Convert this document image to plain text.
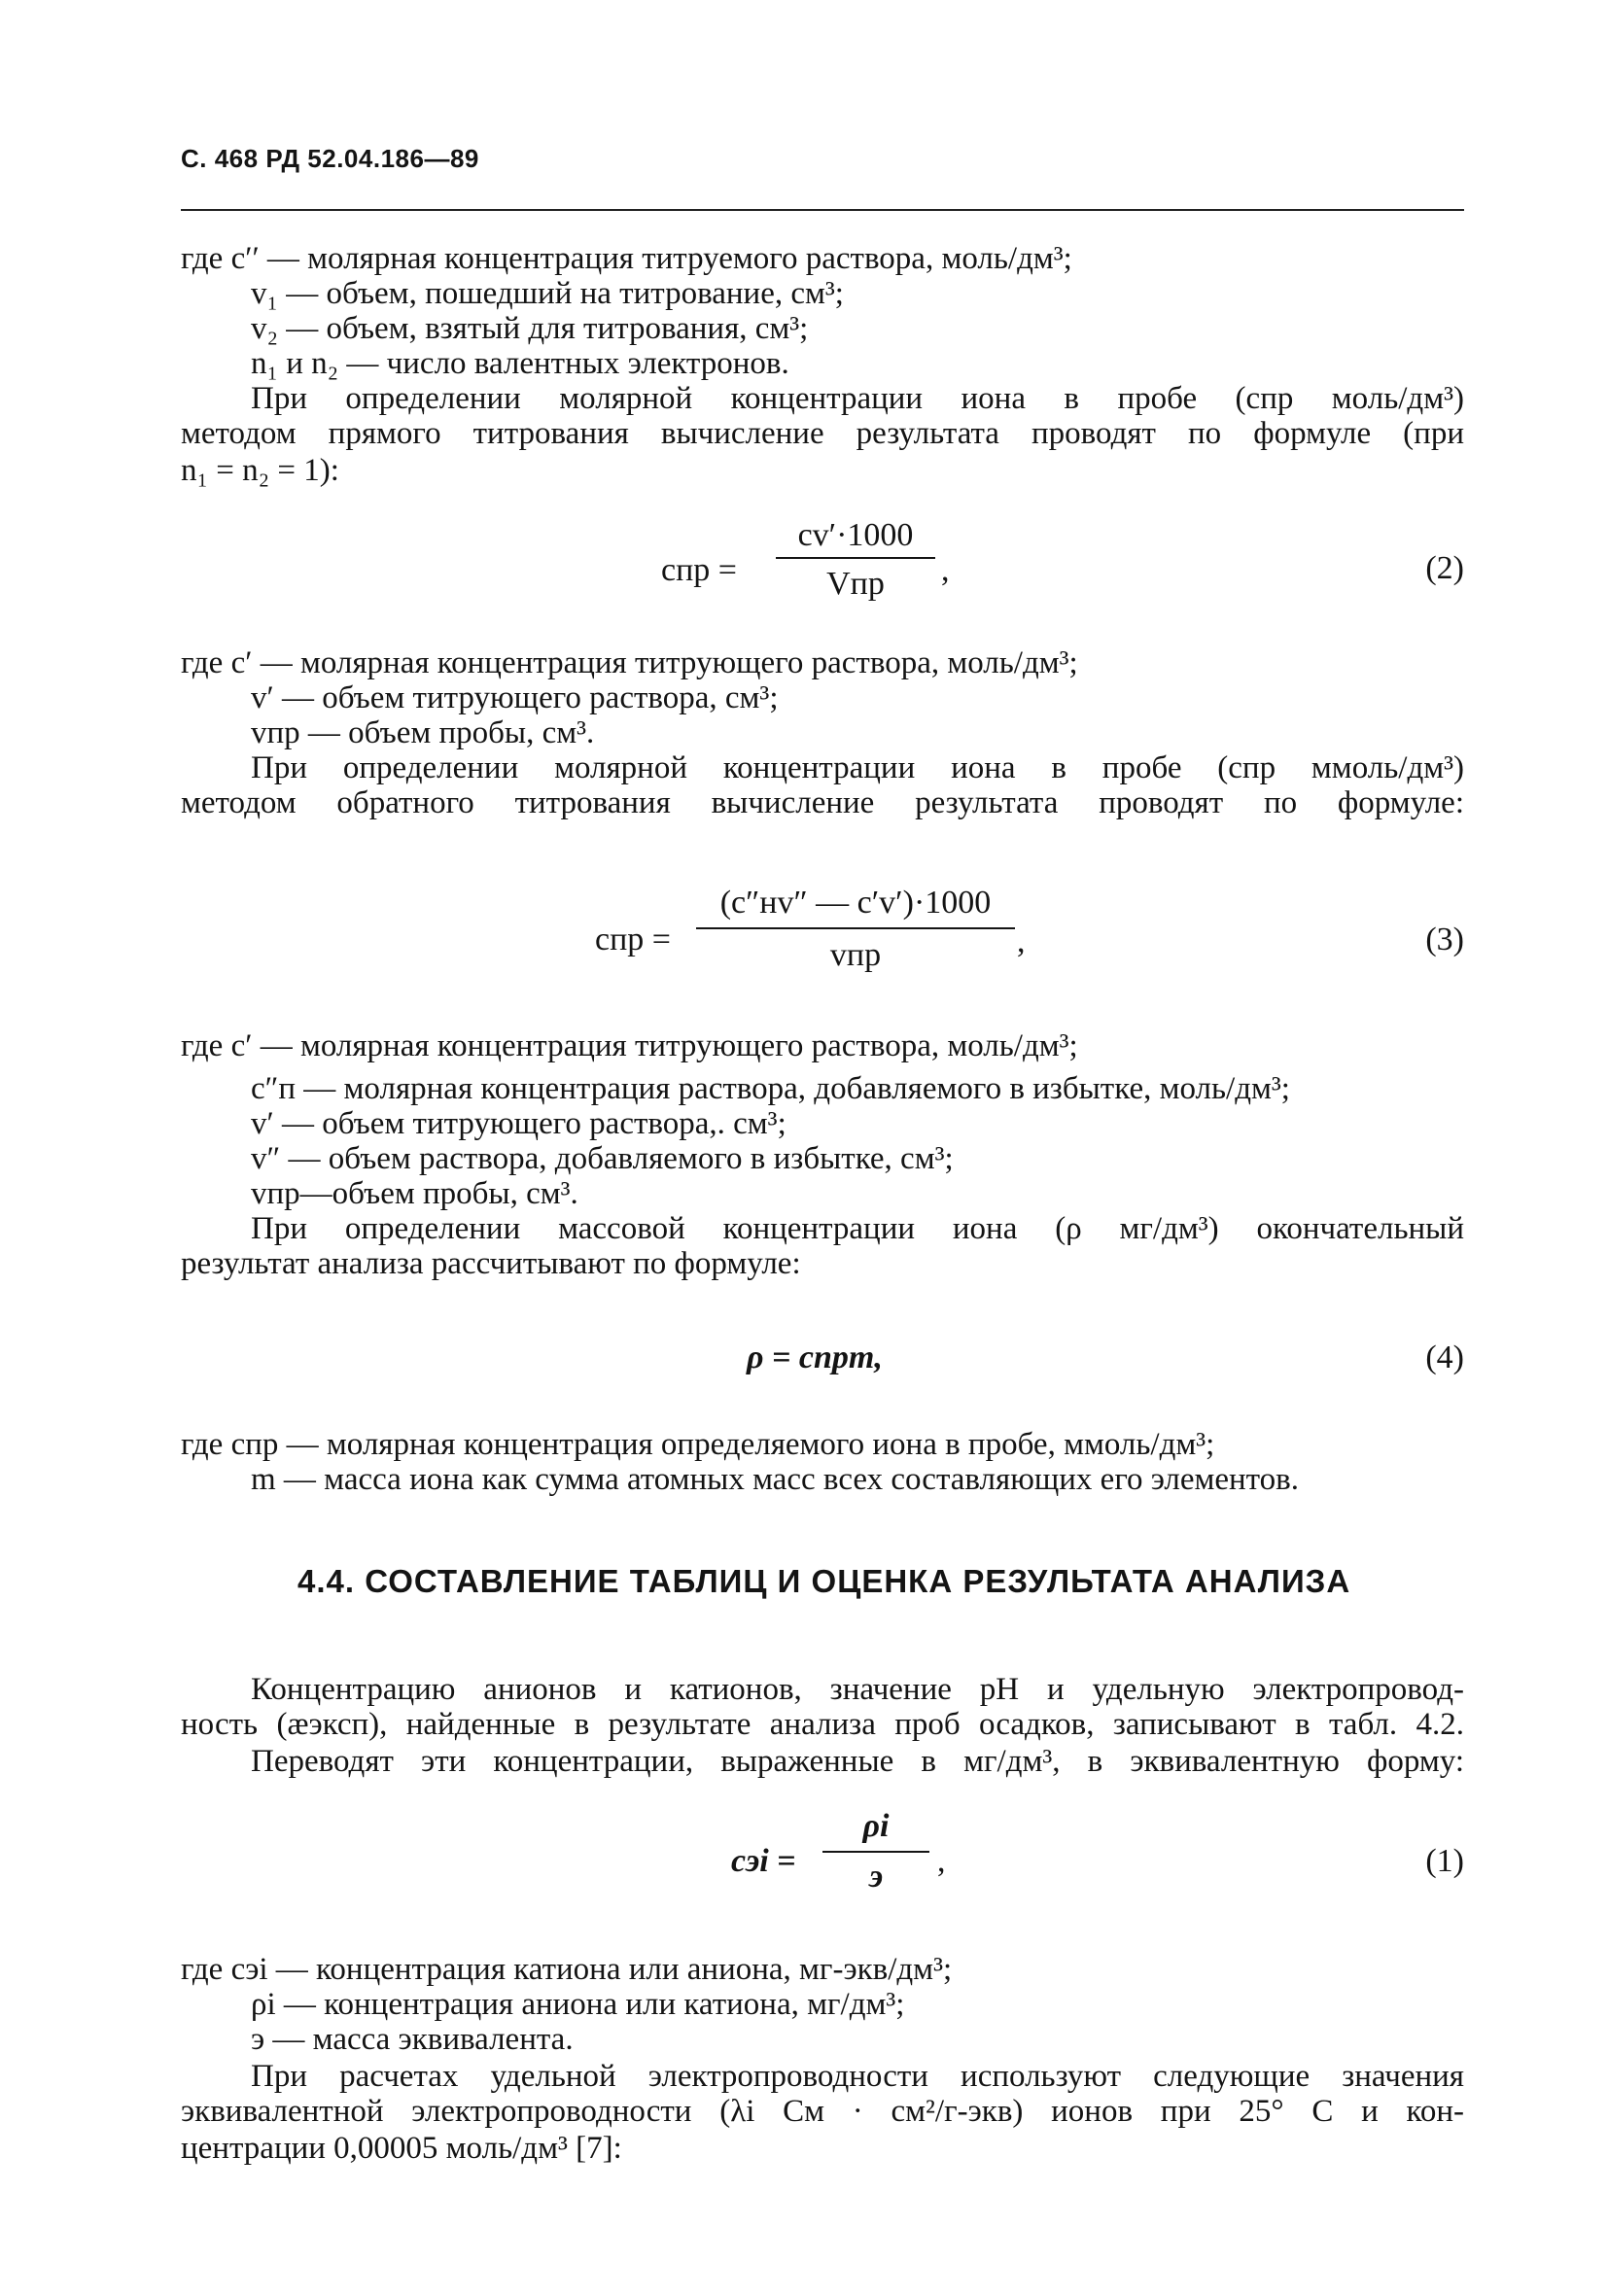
С. 468 РД 52.04.186—89
где c′′ — молярная концентрация титруемого раствора, моль/дм³;
v₁ — объем, пошедший на титрование, см³;
v₂ — объем, взятый для титрования, см³;
n₁ и n₂ — число валентных электронов.
При определении молярной концентрации иона в пробе (cпр моль/дм³)
методом прямого титрования вычисление результата проводят по формуле (при
n₁ = n₂ = 1):
cпр =
cv′·1000
Vпр	,	(2)
где c′ — молярная концентрация титрующего раствора, моль/дм³;
v′ — объем титрующего раствора, см³;
vпр — объем пробы, см³.
При определении молярной концентрации иона в пробе (cпр ммоль/дм³)
методом обратного титрования вычисление результата проводят по формуле:
cпр =
(c″нv″ — c′v′)·1000
vпр	,	(3)
где c′ — молярная концентрация титрующего раствора, моль/дм³;
c″п — молярная концентрация раствора, добавляемого в избытке, моль/дм³;
v′ — объем титрующего раствора,. см³;
v″ — объем раствора, добавляемого в избытке, см³;
vпр—объем пробы, см³.
При определении массовой концентрации иона (ρ мг/дм³) окончательный
результат анализа рассчитывают по формуле:
ρ = cпрm,	(4)
где cпр — молярная концентрация определяемого иона в пробе, ммоль/дм³;
m — масса иона как сумма атомных масс всех составляющих его элементов.
4.4. СОСТАВЛЕНИЕ ТАБЛИЦ И ОЦЕНКА РЕЗУЛЬТАТА АНАЛИЗА
Концентрацию анионов и катионов, значение pH и удельную электропровод-
ность (æэксп), найденные в результате анализа проб осадков, записывают в табл. 4.2.
Переводят эти концентрации, выраженные в мг/дм³, в эквивалентную форму:
cэi =
ρi
э	,	(1)
где cэi — концентрация катиона или аниона, мг-экв/дм³;
ρi — концентрация аниона или катиона, мг/дм³;
э — масса эквивалента.
При расчетах удельной электропроводности используют следующие значения
эквивалентной электропроводности (λi См · см²/г-экв) ионов при 25° С и кон-
центрации 0,00005 моль/дм³ [7]:
